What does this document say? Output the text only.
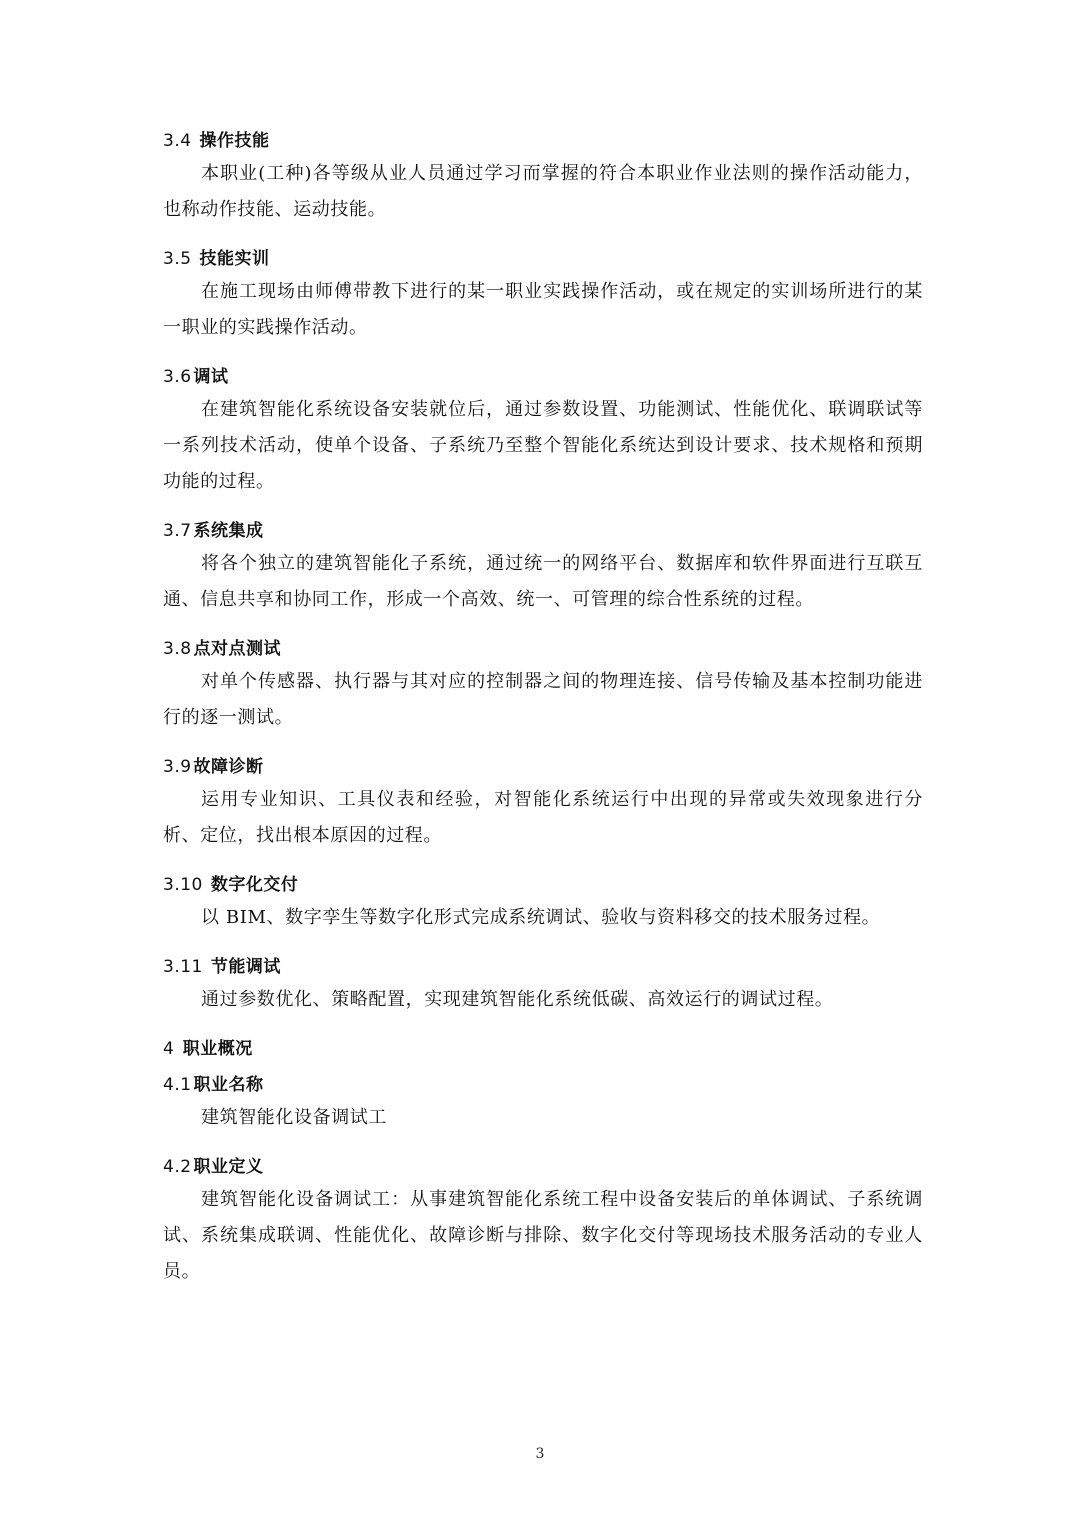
3.4 操作技能

本职业(工种)各等级从业人员通过学习而掌握的符合本职业作业法则的操作活动能力，也称动作技能、运动技能。

3.5 技能实训

在施工现场由师傅带教下进行的某一职业实践操作活动，或在规定的实训场所进行的某一职业的实践操作活动。

3.6 调试

在建筑智能化系统设备安装就位后，通过参数设置、功能测试、性能优化、联调联试等一系列技术活动，使单个设备、子系统乃至整个智能化系统达到设计要求、技术规格和预期功能的过程。

3.7 系统集成

将各个独立的建筑智能化子系统，通过统一的网络平台、数据库和软件界面进行互联互通、信息共享和协同工作，形成一个高效、统一、可管理的综合性系统的过程。

3.8 点对点测试

对单个传感器、执行器与其对应的控制器之间的物理连接、信号传输及基本控制功能进行的逐一测试。

3.9 故障诊断

运用专业知识、工具仪表和经验，对智能化系统运行中出现的异常或失效现象进行分析、定位，找出根本原因的过程。

3.10 数字化交付

以 BIM、数字孪生等数字化形式完成系统调试、验收与资料移交的技术服务过程。

3.11 节能调试

通过参数优化、策略配置，实现建筑智能化系统低碳、高效运行的调试过程。

4 职业概况
4.1 职业名称

建筑智能化设备调试工

4.2 职业定义

建筑智能化设备调试工：从事建筑智能化系统工程中设备安装后的单体调试、子系统调试、系统集成联调、性能优化、故障诊断与排除、数字化交付等现场技术服务活动的专业人员。

3
